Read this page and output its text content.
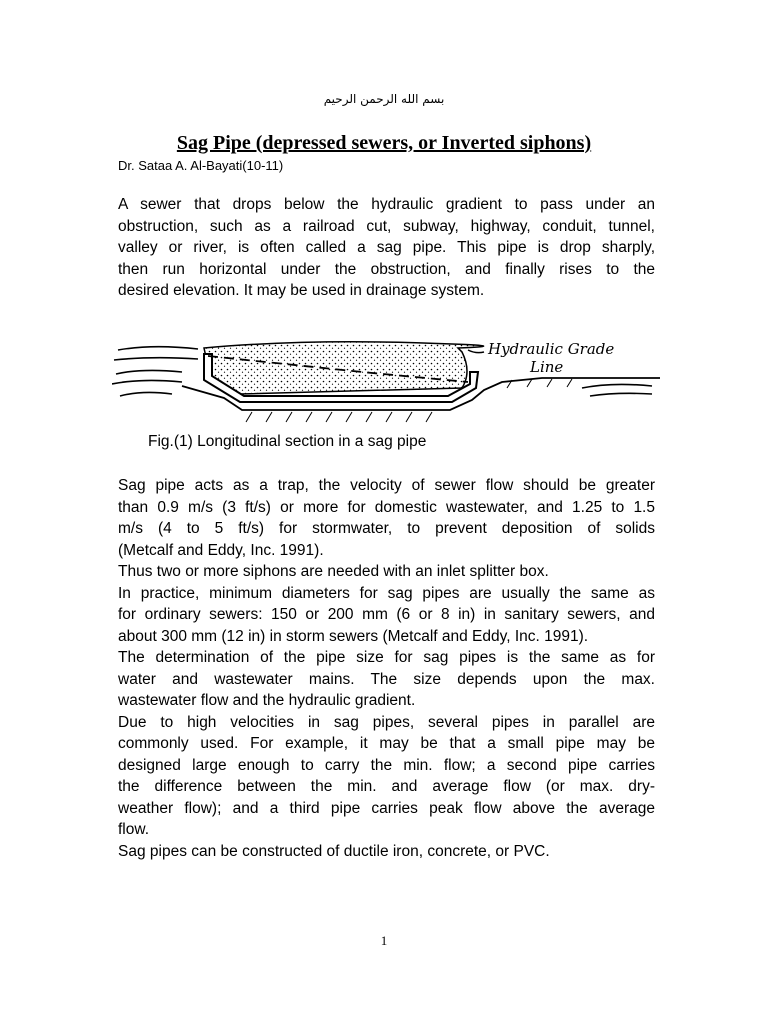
بسم الله الرحمن الرحيم
Sag Pipe (depressed sewers, or Inverted siphons)
Dr. Sataa A. Al-Bayati(10-11)
A sewer that drops below the hydraulic gradient to pass under an
obstruction, such as a railroad cut, subway, highway, conduit, tunnel,
valley or river, is often called a sag pipe. This pipe is drop sharply,
then run horizontal under the obstruction, and finally rises to the
desired elevation. It may be used in drainage system.
Hydraulic Grade
Line
Fig.(1) Longitudinal section in a sag pipe
Sag pipe acts as a trap, the velocity of sewer flow should be greater
than 0.9 m/s (3 ft/s) or more for domestic wastewater, and 1.25 to 1.5
m/s (4 to 5 ft/s) for stormwater, to prevent deposition of solids
(Metcalf and Eddy, Inc. 1991).
Thus two or more siphons are needed with an inlet splitter box.
In practice, minimum diameters for sag pipes are usually the same as
for ordinary sewers: 150 or 200 mm (6 or 8 in) in sanitary sewers, and
about 300 mm (12 in) in storm sewers (Metcalf and Eddy, Inc. 1991).
The determination of the pipe size for sag pipes is the same as for
water and wastewater mains. The size depends upon the max.
wastewater flow and the hydraulic gradient.
Due to high velocities in sag pipes, several pipes in parallel are
commonly used. For example, it may be that a small pipe may be
designed large enough to carry the min. flow; a second pipe carries
the difference between the min. and average flow (or max. dry-
weather flow); and a third pipe carries peak flow above the average
flow.
Sag pipes can be constructed of ductile iron, concrete, or PVC.
1
